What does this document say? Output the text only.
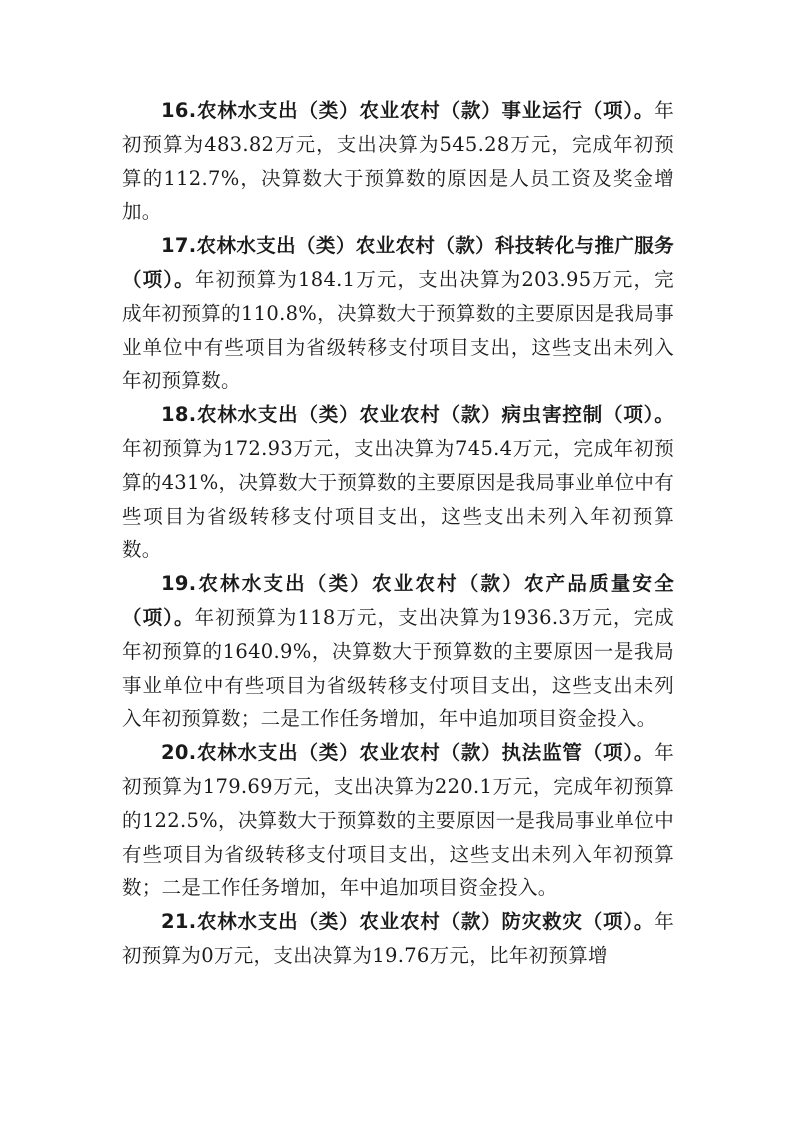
16.农林水支出（类）农业农村（款）事业运行（项）。年初预算为483.82万元，支出决算为545.28万元，完成年初预算的112.7%，决算数大于预算数的原因是人员工资及奖金增加。

17.农林水支出（类）农业农村（款）科技转化与推广服务（项）。年初预算为184.1万元，支出决算为203.95万元，完成年初预算的110.8%，决算数大于预算数的主要原因是我局事业单位中有些项目为省级转移支付项目支出，这些支出未列入年初预算数。

18.农林水支出（类）农业农村（款）病虫害控制（项）。年初预算为172.93万元，支出决算为745.4万元，完成年初预算的431%，决算数大于预算数的主要原因是我局事业单位中有些项目为省级转移支付项目支出，这些支出未列入年初预算数。

19.农林水支出（类）农业农村（款）农产品质量安全（项）。年初预算为118万元，支出决算为1936.3万元，完成年初预算的1640.9%，决算数大于预算数的主要原因一是我局事业单位中有些项目为省级转移支付项目支出，这些支出未列入年初预算数；二是工作任务增加，年中追加项目资金投入。

20.农林水支出（类）农业农村（款）执法监管（项）。年初预算为179.69万元，支出决算为220.1万元，完成年初预算的122.5%，决算数大于预算数的主要原因一是我局事业单位中有些项目为省级转移支付项目支出，这些支出未列入年初预算数；二是工作任务增加，年中追加项目资金投入。

21.农林水支出（类）农业农村（款）防灾救灾（项）。年初预算为0万元，支出决算为19.76万元，比年初预算增
